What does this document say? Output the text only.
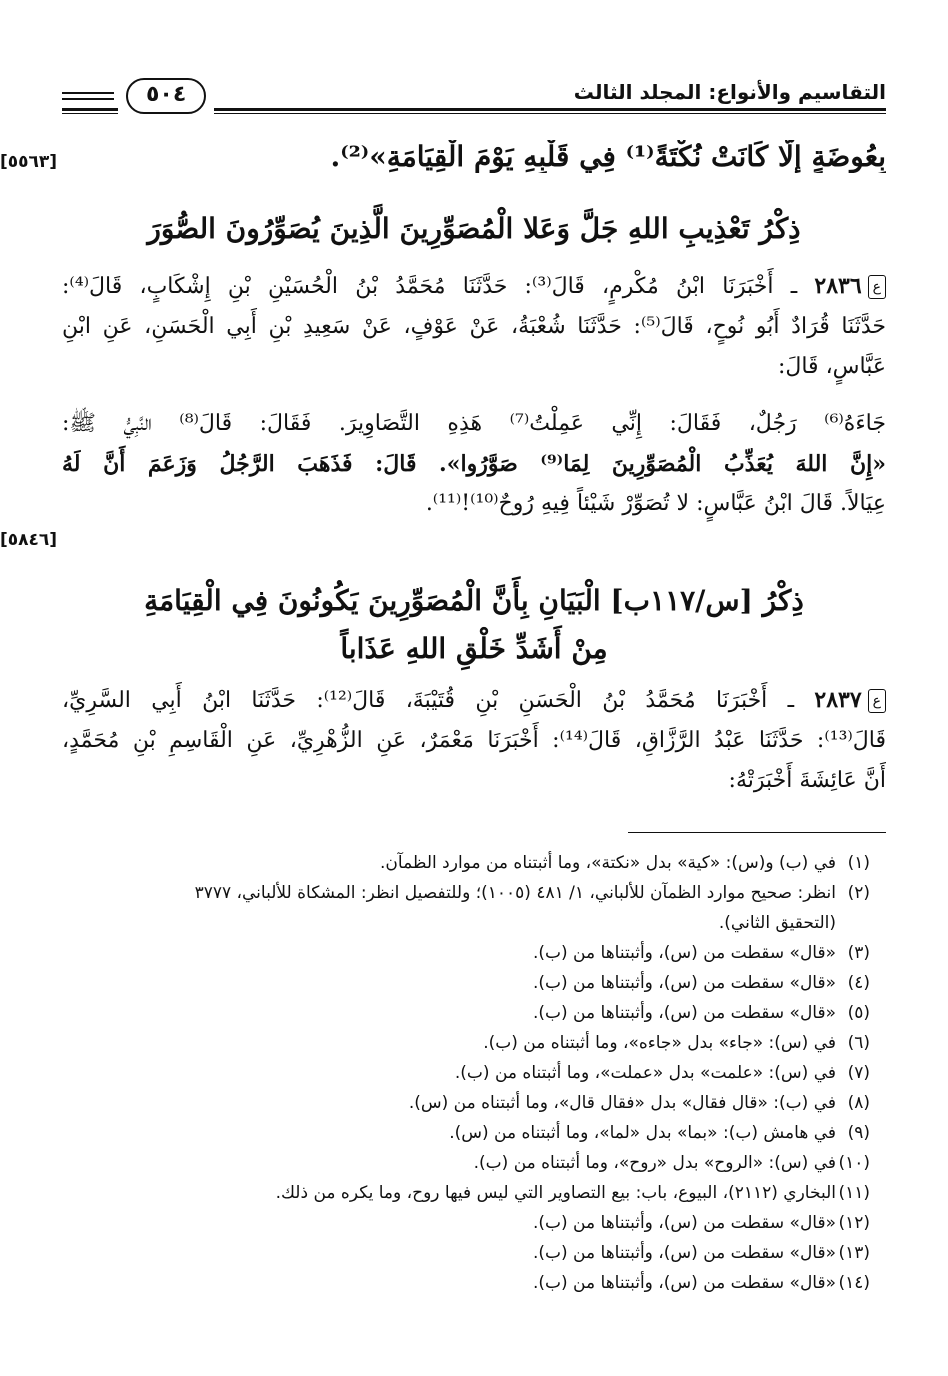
التقاسيم والأنواع: المجلد الثالث
٥٠٤
بِعُوضَةٍ إِلَّا كَانَتْ نُكْتَةً⁽¹⁾ فِي قَلْبِهِ يَوْمَ الْقِيَامَةِ»⁽²⁾.
[٥٥٦٣]
ذِكْرُ تَعْذِيبِ اللهِ جَلَّ وَعَلا الْمُصَوِّرِينَ الَّذِينَ يُصَوِّرُونَ الصُّوَرَ
ع٢٨٣٦ ـ أَخْبَرَنَا ابْنُ مُكْرمٍ، قَالَ⁽³⁾: حَدَّثَنَا مُحَمَّدُ بْنُ الْحُسَيْنِ بْنِ إِشْكَابٍ، قَالَ⁽⁴⁾:
حَدَّثَنَا قُرَادٌ أَبُو نُوحٍ، قَالَ⁽⁵⁾: حَدَّثَنَا شُعْبَةُ، عَنْ عَوْفٍ، عَنْ سَعِيدِ بْنِ أَبِي الْحَسَنِ، عَنِ ابْنِ
عَبَّاسٍ، قَالَ:
جَاءَهُ⁽⁶⁾ رَجُلٌ، فَقَالَ: إِنِّي عَمِلْتُ⁽⁷⁾ هَذِهِ التَّصَاوِيرَ. فَقَالَ: قَالَ⁽⁸⁾ النَّبِيُّ ﷺ:
«إِنَّ اللهَ يُعَذِّبُ الْمُصَوِّرِينَ لِمَا⁽⁹⁾ صَوَّرُوا». قَالَ: فَذَهَبَ الرَّجُلُ وَزَعَمَ أَنَّ لَهُ
عِيَالاً. قَالَ ابْنُ عَبَّاسٍ: لا تُصَوِّرْ شَيْئاً فِيهِ رُوحٌ⁽¹⁰⁾!⁽¹¹⁾.
[٥٨٤٦]
ذِكْرُ [س/١١٧ب] الْبَيَانِ بِأَنَّ الْمُصَوِّرِينَ يَكُونُونَ فِي الْقِيَامَةِ
مِنْ أَشَدِّ خَلْقِ اللهِ عَذَاباً
ع٢٨٣٧ ـ أَخْبَرَنَا مُحَمَّدُ بْنُ الْحَسَنِ بْنِ قُتَيْبَةَ، قَالَ⁽¹²⁾: حَدَّثَنَا ابْنُ أَبِي السَّرِيِّ،
قَالَ⁽¹³⁾: حَدَّثَنَا عَبْدُ الرَّزَّاقِ، قَالَ⁽¹⁴⁾: أَخْبَرَنَا مَعْمَرٌ، عَنِ الزُّهْرِيِّ، عَنِ الْقَاسِمِ بْنِ مُحَمَّدٍ،
أَنَّ عَائِشَةَ أَخْبَرَتْهُ:
(١)في (ب) و(س): «كية» بدل «نكتة»، وما أثبتناه من موارد الظمآن.
(٢)انظر: صحيح موارد الظمآن للألباني، ١/ ٤٨١ (١٠٠٥)؛ وللتفصيل انظر: المشكاة للألباني، ٣٧٧٧
(التحقيق الثاني).
(٣)«قال» سقطت من (س)، وأثبتناها من (ب).
(٤)«قال» سقطت من (س)، وأثبتناها من (ب).
(٥)«قال» سقطت من (س)، وأثبتناها من (ب).
(٦)في (س): «جاء» بدل «جاءه»، وما أثبتناه من (ب).
(٧)في (س): «علمت» بدل «عملت»، وما أثبتناه من (ب).
(٨)في (ب): «قال فقال» بدل «فقال قال»، وما أثبتناه من (س).
(٩)في هامش (ب): «بما» بدل «لما»، وما أثبتناه من (س).
(١٠)في (س): «الروح» بدل «روح»، وما أثبتناه من (ب).
(١١)البخاري (٢١١٢)، البيوع، باب: بيع التصاوير التي ليس فيها روح، وما يكره من ذلك.
(١٢)«قال» سقطت من (س)، وأثبتناها من (ب).
(١٣)«قال» سقطت من (س)، وأثبتناها من (ب).
(١٤)«قال» سقطت من (س)، وأثبتناها من (ب).
